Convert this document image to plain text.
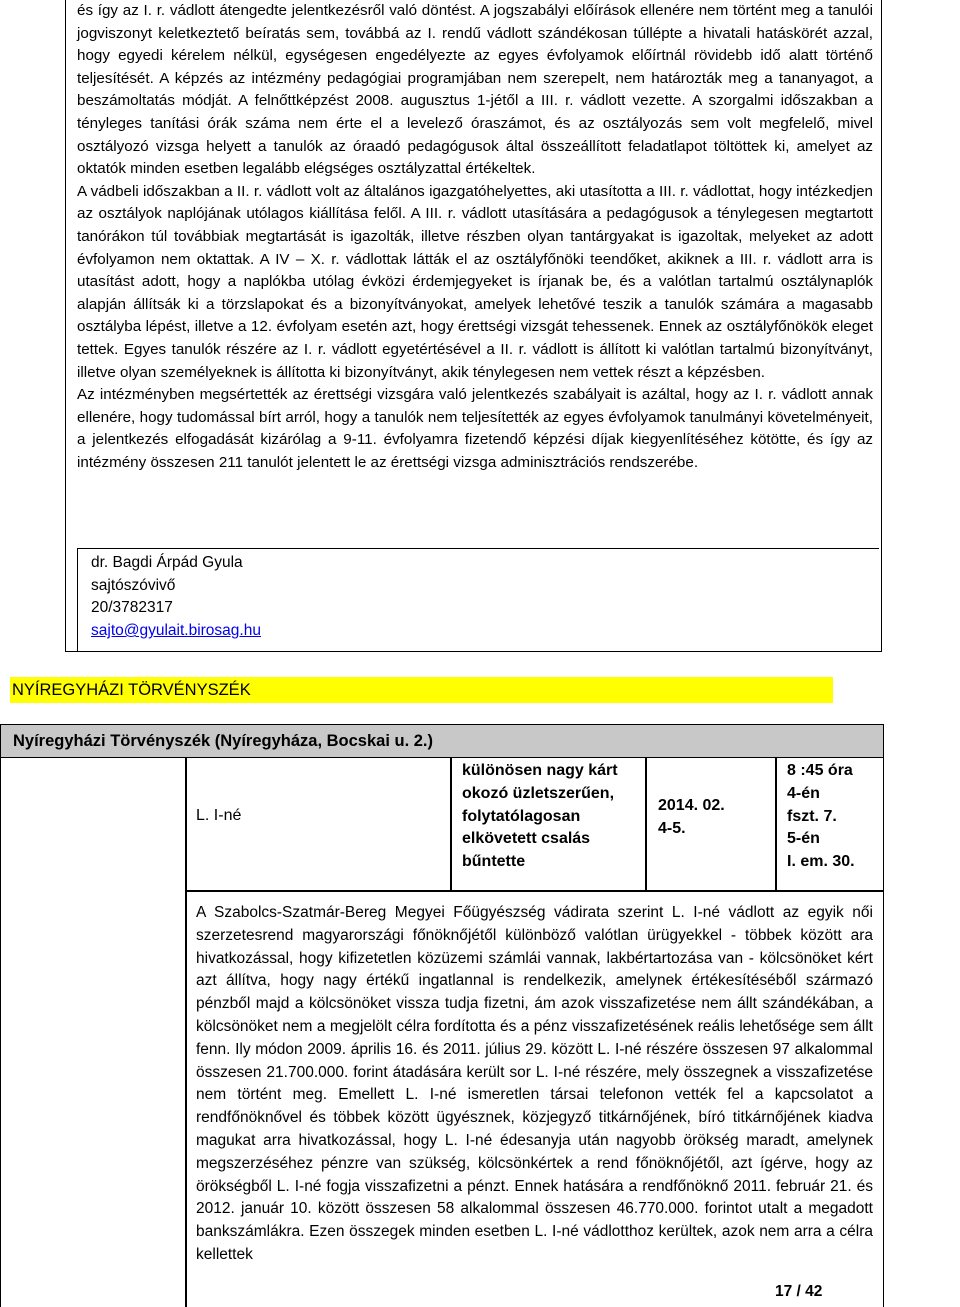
és így az I. r. vádlott átengedte jelentkezésről való döntést. A jogszabályi előírások ellenére nem történt meg a tanulói jogviszonyt keletkeztető beíratás sem, továbbá az I. rendű vádlott szándékosan túllépte a hivatali hatáskörét azzal, hogy egyedi kérelem nélkül, egységesen engedélyezte az egyes évfolyamok előírtnál rövidebb idő alatt történő teljesítését. A képzés az intézmény pedagógiai programjában nem szerepelt, nem határozták meg a tananyagot, a beszámoltatás módját. A felnőttképzést 2008. augusztus 1-jétől a III. r. vádlott vezette. A szorgalmi időszakban a tényleges tanítási órák száma nem érte el a levelező óraszámot, és az osztályozás sem volt megfelelő, mivel osztályozó vizsga helyett a tanulók az óraadó pedagógusok által összeállított feladatlapot töltöttek ki, amelyet az oktatók minden esetben legalább elégséges osztályzattal értékeltek.

A vádbeli időszakban a II. r. vádlott volt az általános igazgatóhelyettes, aki utasította a III. r. vádlottat, hogy intézkedjen az osztályok naplójának utólagos kiállítása felől. A III. r. vádlott utasítására a pedagógusok a ténylegesen megtartott tanórákon túl továbbiak megtartását is igazolták, illetve részben olyan tantárgyakat is igazoltak, melyeket az adott évfolyamon nem oktattak. A IV – X. r. vádlottak látták el az osztályfőnöki teendőket, akiknek a III. r. vádlott arra is utasítást adott, hogy a naplókba utólag évközi érdemjegyeket is írjanak be, és a valótlan tartalmú osztálynaplók alapján állítsák ki a törzslapokat és a bizonyítványokat, amelyek lehetővé teszik a tanulók számára a magasabb osztályba lépést, illetve a 12. évfolyam esetén azt, hogy érettségi vizsgát tehessenek. Ennek az osztályfőnökök eleget tettek. Egyes tanulók részére az I. r. vádlott egyetértésével a II. r. vádlott is állított ki valótlan tartalmú bizonyítványt, illetve olyan személyeknek is állította ki bizonyítványt, akik ténylegesen nem vettek részt a képzésben.

Az intézményben megsértették az érettségi vizsgára való jelentkezés szabályait is azáltal, hogy az I. r. vádlott annak ellenére, hogy tudomással bírt arról, hogy a tanulók nem teljesítették az egyes évfolyamok tanulmányi követelményeit, a jelentkezés elfogadását kizárólag a 9-11. évfolyamra fizetendő képzési díjak kiegyenlítéséhez kötötte, és így az intézmény összesen 211 tanulót jelentett le az érettségi vizsga adminisztrációs rendszerébe.

dr. Bagdi Árpád Gyula
sajtószóvivő
20/3782317
sajto@gyulait.birosag.hu
NYÍREGYHÁZI TÖRVÉNYSZÉK
Nyíregyházi Törvényszék (Nyíregyháza, Bocskai u. 2.)
L. I-né
különösen nagy kárt
okozó üzletszerűen,
folytatólagosan
elkövetett csalás
bűntette
2014. 02.
4-5.
8 :45 óra
4-én
fszt. 7.
5-én
I. em. 30.

A Szabolcs-Szatmár-Bereg Megyei Főügyészség vádirata szerint L. I-né vádlott az egyik női szerzetesrend magyarországi főnöknőjétől különböző valótlan ürügyekkel - többek között ara hivatkozással, hogy kifizetetlen közüzemi számlái vannak, lakbértartozása van - kölcsönöket kért azt állítva, hogy nagy értékű ingatlannal is rendelkezik, amelynek értékesítéséből származó pénzből majd a kölcsönöket vissza tudja fizetni, ám azok visszafizetése nem állt szándékában, a kölcsönöket nem a megjelölt célra fordította és a pénz visszafizetésének reális lehetősége sem állt fenn. Ily módon 2009. április 16. és 2011. július 29. között L. I-né részére összesen 97 alkalommal összesen 21.700.000. forint átadására került sor L. I-né részére, mely összegnek a visszafizetése nem történt meg. Emellett L. I-né ismeretlen társai telefonon vették fel a kapcsolatot a rendfőnöknővel és többek között ügyésznek, közjegyző titkárnőjének, bíró titkárnőjének kiadva magukat arra hivatkozással, hogy L. I-né édesanyja után nagyobb örökség maradt, amelynek megszerzéséhez pénzre van szükség, kölcsönkértek a rend főnöknőjétől, azt ígérve, hogy az örökségből L. I-né fogja visszafizetni a pénzt. Ennek hatására a rendfőnöknő 2011. február 21. és 2012. január 10. között összesen 58 alkalommal összesen 46.770.000. forintot utalt a megadott bankszámlákra. Ezen összegek minden esetben L. I-né vádlotthoz kerültek, azok nem arra a célra kellettek

17 / 42
